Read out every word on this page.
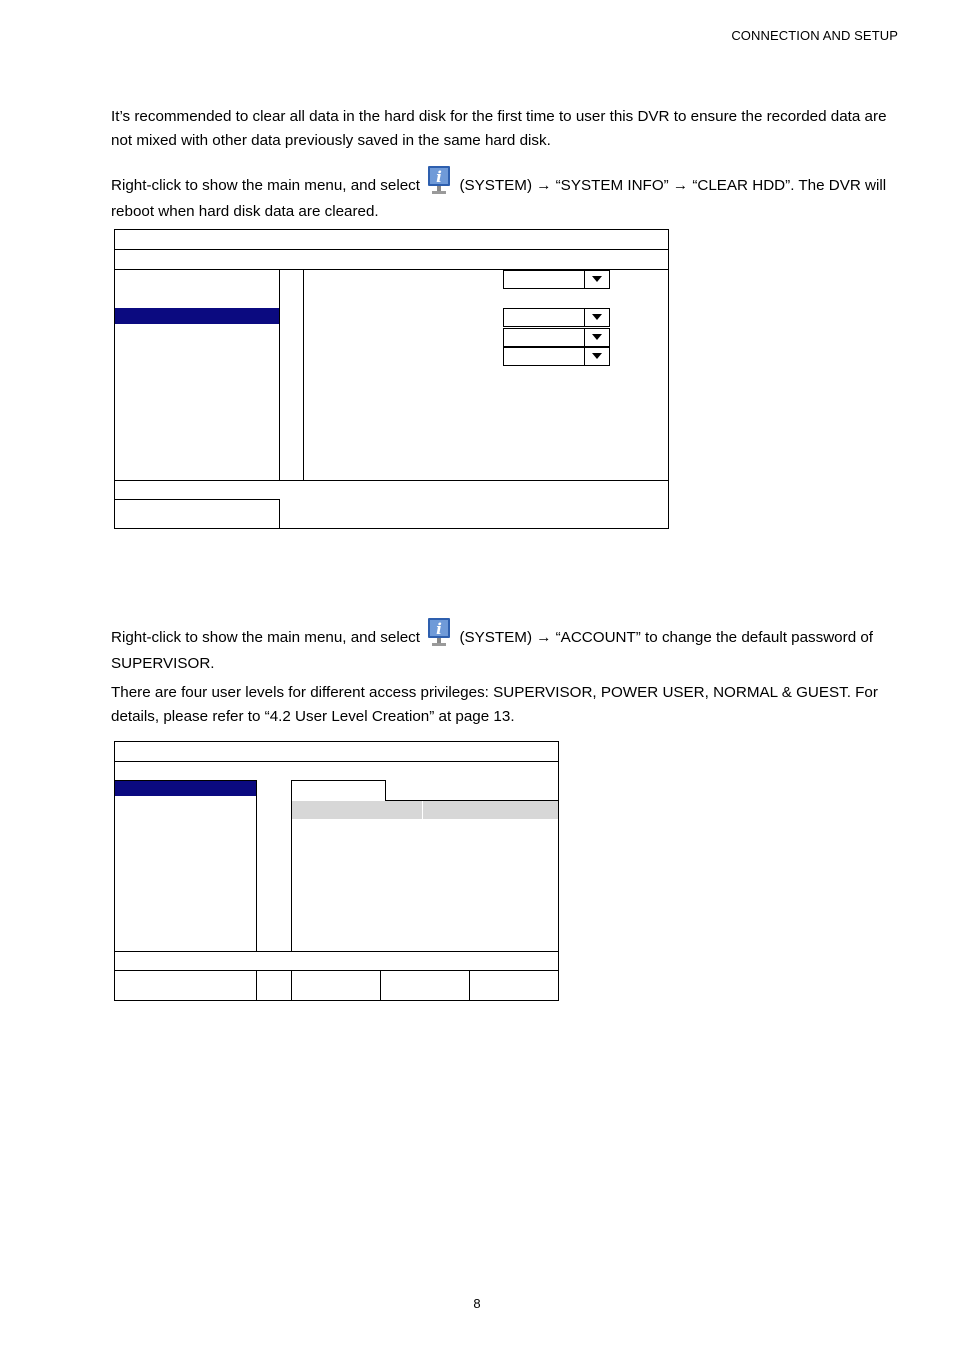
CONNECTION AND SETUP

It’s recommended to clear all data in the hard disk for the first time to user this DVR to ensure the recorded data are not mixed with other data previously saved in the same hard disk.

Right-click to show the main menu, and select i (SYSTEM) → “SYSTEM INFO” → “CLEAR HDD”. The DVR will reboot when hard disk data are cleared.

Right-click to show the main menu, and select i (SYSTEM) → “ACCOUNT” to change the default password of SUPERVISOR.

There are four user levels for different access privileges: SUPERVISOR, POWER USER, NORMAL & GUEST. For details, please refer to “4.2 User Level Creation” at page 13.

8
